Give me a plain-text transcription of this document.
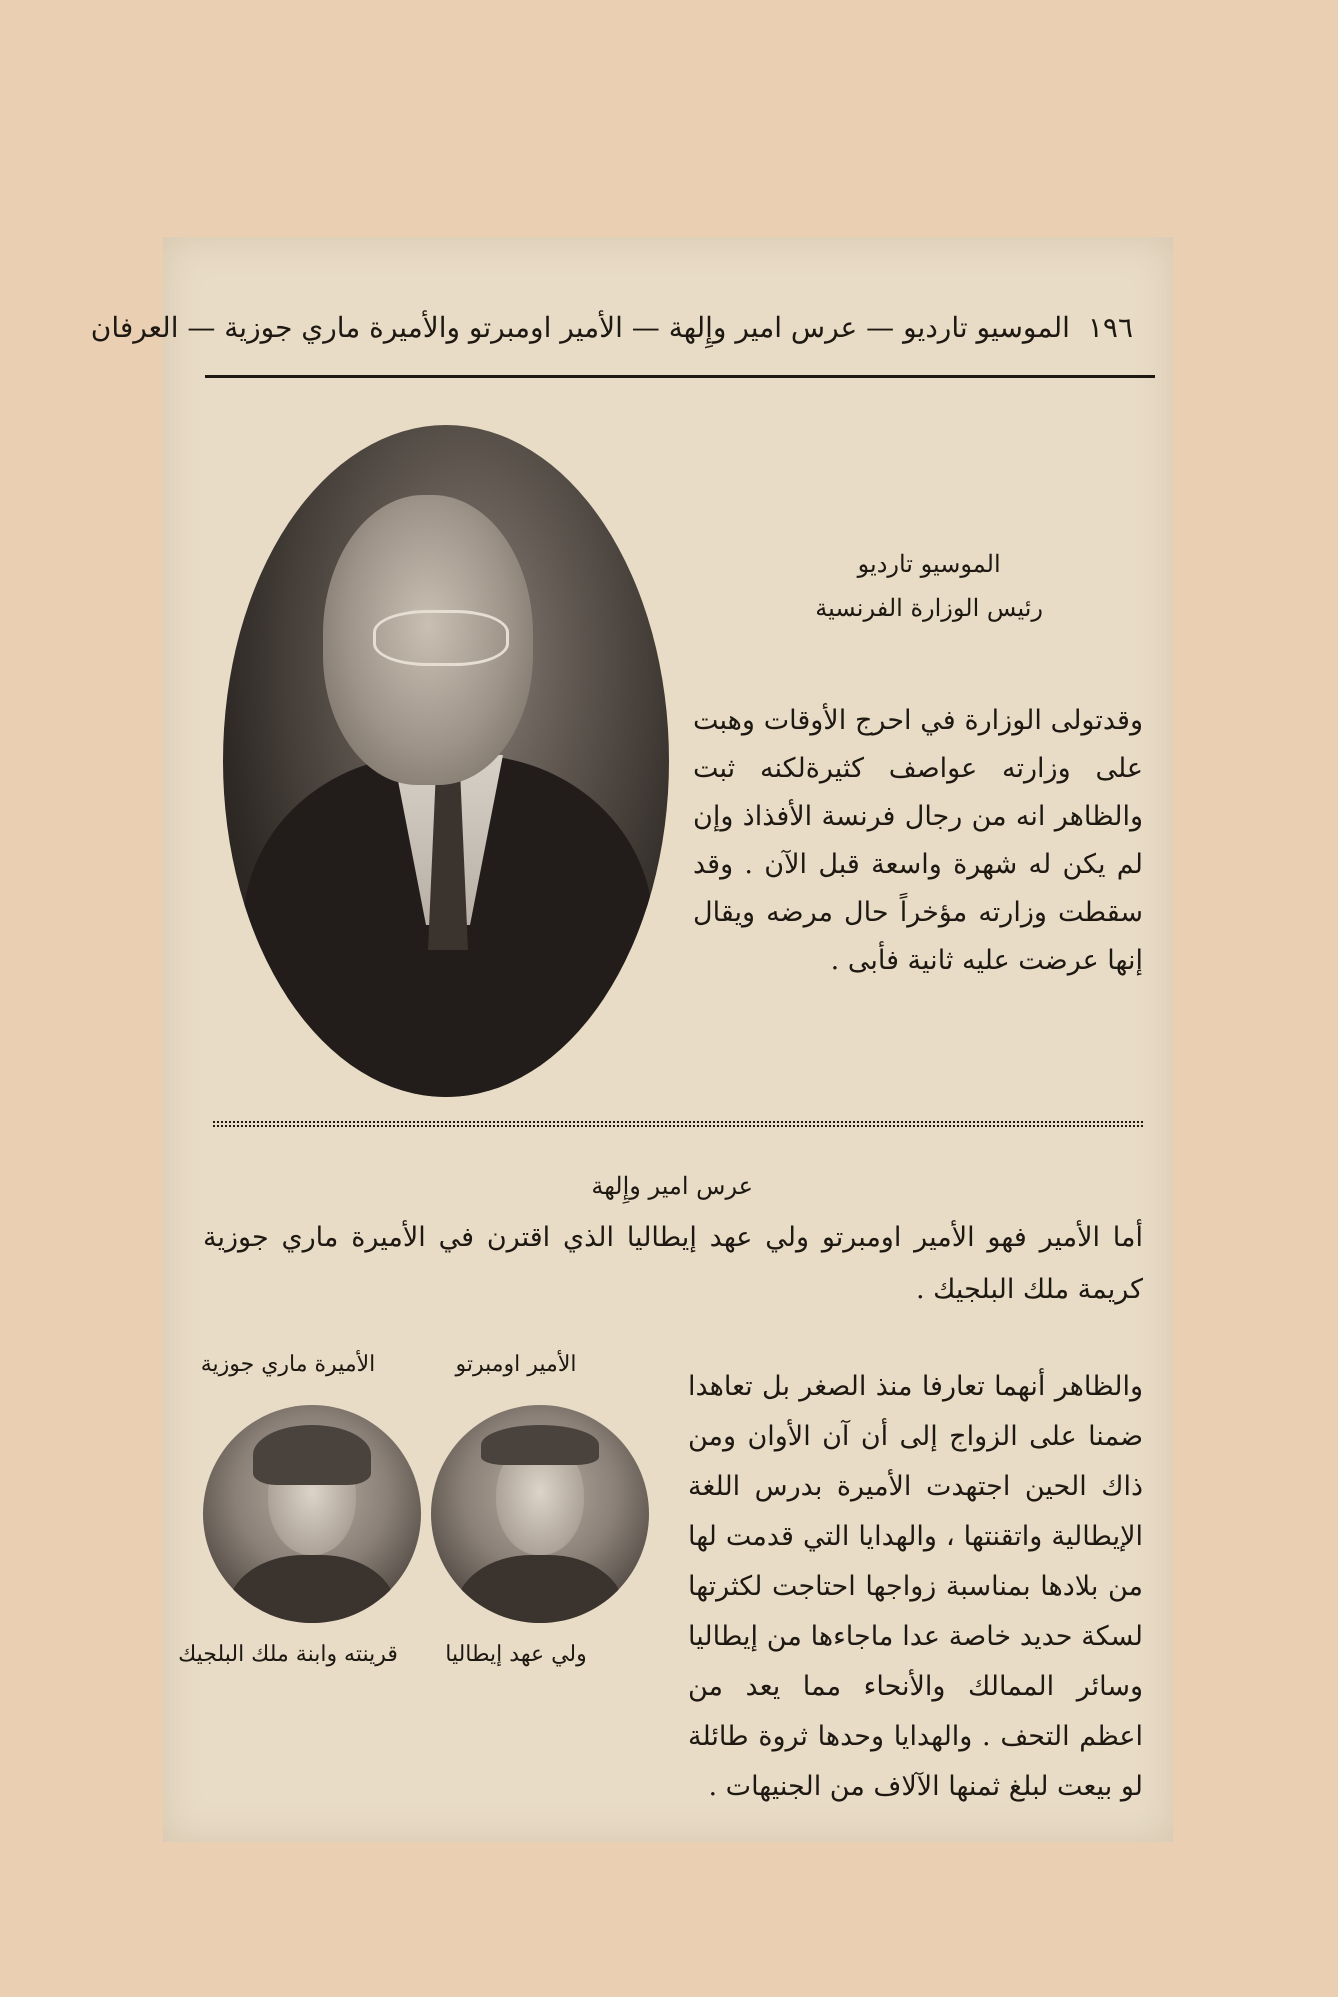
١٩٦
الموسيو تارديو — عرس امير وإِلهة — الأمير اومبرتو والأميرة ماري جوزية — العرفان
الموسيو تارديو
رئيس الوزارة الفرنسية
وقدتولى الوزارة في احرج الأوقات وهبت على وزارته عواصف كثيرةلكنه ثبت والظاهر انه من رجال فرنسة الأفذاذ وإن لم يكن له شهرة واسعة قبل الآن . وقد سقطت وزارته مؤخراً حال مرضه ويقال إنها عرضت عليه ثانية فأبى .
عرس امير وإِلهة
أما الأمير فهو الأمير اومبرتو ولي عهد إيطاليا الذي اقترن في الأميرة ماري جوزية كريمة ملك البلجيك .
والظاهر أنهما تعارفا منذ الصغر بل تعاهدا ضمنا على الزواج إلى أن آن الأوان ومن ذاك الحين اجتهدت الأميرة بدرس اللغة الإيطالية واتقنتها ، والهدايا التي قدمت لها من بلادها بمناسبة زواجها احتاجت لكثرتها لسكة حديد خاصة عدا ماجاءها من إيطاليا وسائر الممالك والأنحاء مما يعد من اعظم التحف . والهدايا وحدها ثروة طائلة لو بيعت لبلغ ثمنها الآلاف من الجنيهات .
الأمير اومبرتو
الأميرة ماري جوزية
ولي عهد إيطاليا
قرينته وابنة ملك البلجيك
